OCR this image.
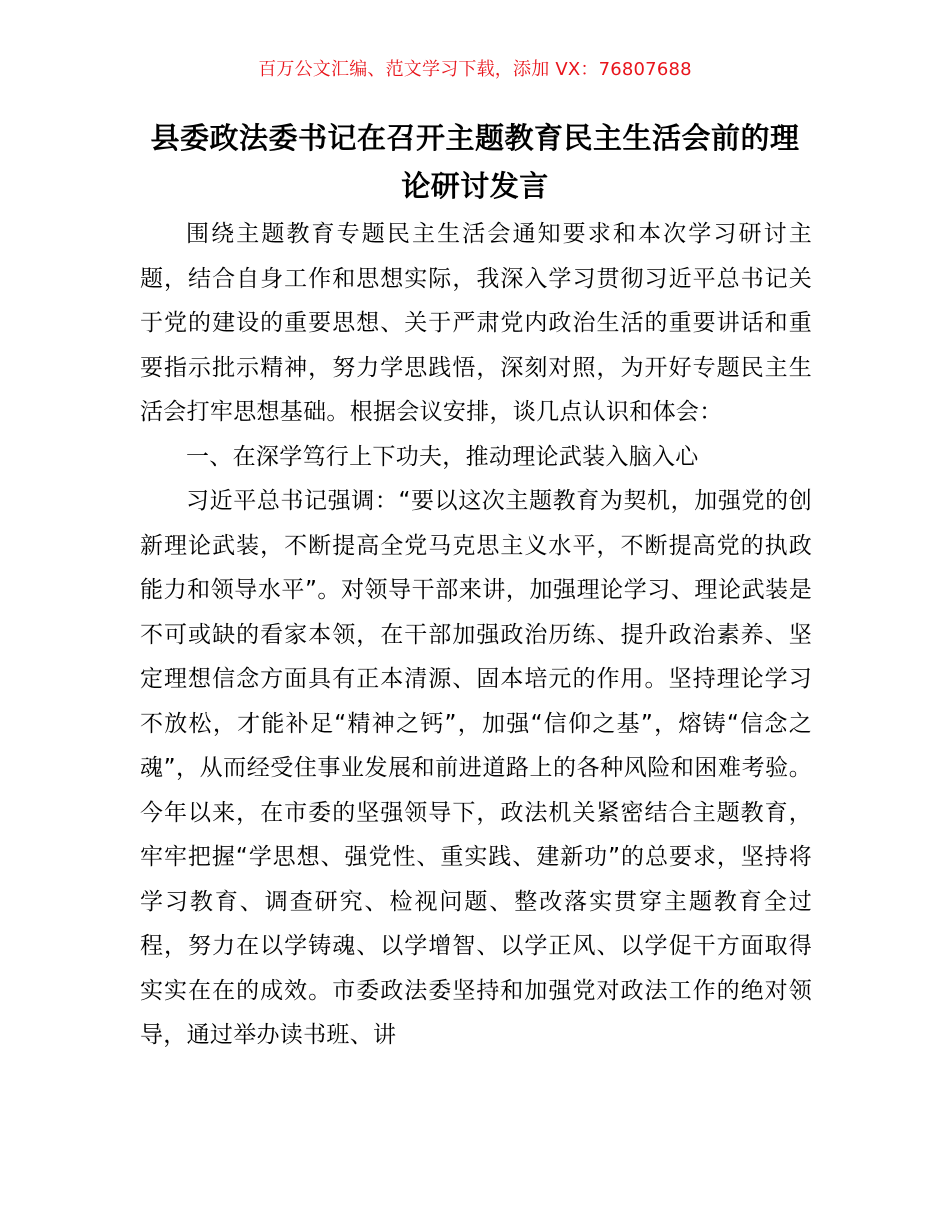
百万公文汇编、范文学习下载，添加 VX：76807688
县委政法委书记在召开主题教育民主生活会前的理论研讨发言

围绕主题教育专题民主生活会通知要求和本次学习研讨主题，结合自身工作和思想实际，我深入学习贯彻习近平总书记关于党的建设的重要思想、关于严肃党内政治生活的重要讲话和重要指示批示精神，努力学思践悟，深刻对照，为开好专题民主生活会打牢思想基础。根据会议安排，谈几点认识和体会：

一、在深学笃行上下功夫，推动理论武装入脑入心

习近平总书记强调：“要以这次主题教育为契机，加强党的创新理论武装，不断提高全党马克思主义水平，不断提高党的执政能力和领导水平”。对领导干部来讲，加强理论学习、理论武装是不可或缺的看家本领，在干部加强政治历练、提升政治素养、坚定理想信念方面具有正本清源、固本培元的作用。坚持理论学习不放松，才能补足“精神之钙”，加强“信仰之基”，熔铸“信念之魂”，从而经受住事业发展和前进道路上的各种风险和困难考验。今年以来，在市委的坚强领导下，政法机关紧密结合主题教育，牢牢把握“学思想、强党性、重实践、建新功”的总要求，坚持将学习教育、调查研究、检视问题、整改落实贯穿主题教育全过程，努力在以学铸魂、以学增智、以学正风、以学促干方面取得实实在在的成效。市委政法委坚持和加强党对政法工作的绝对领导，通过举办读书班、讲
